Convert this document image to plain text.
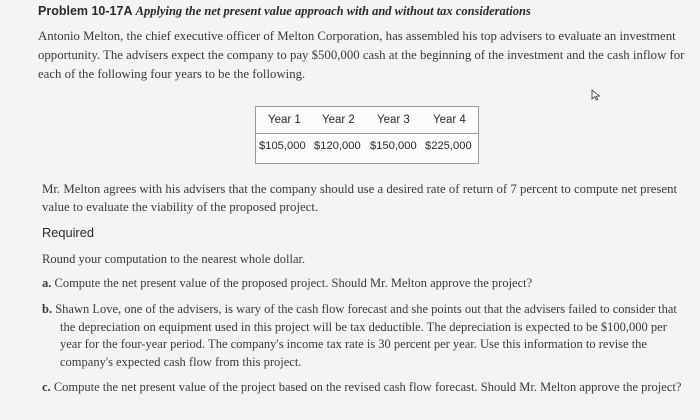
Problem 10-17A Applying the net present value approach with and without tax considerations
Antonio Melton, the chief executive officer of Melton Corporation, has assembled his top advisers to evaluate an investment opportunity. The advisers expect the company to pay $500,000 cash at the beginning of the investment and the cash inflow for each of the following four years to be the following.
Year 1 Year 2 Year 3 Year 4
$105,000 $120,000 $150,000 $225,000
Mr. Melton agrees with his advisers that the company should use a desired rate of return of 7 percent to compute net present value to evaluate the viability of the proposed project.
Required
Round your computation to the nearest whole dollar.
a. Compute the net present value of the proposed project. Should Mr. Melton approve the project?
b. Shawn Love, one of the advisers, is wary of the cash flow forecast and she points out that the advisers failed to consider that the depreciation on equipment used in this project will be tax deductible. The depreciation is expected to be $100,000 per year for the four-year period. The company's income tax rate is 30 percent per year. Use this information to revise the company's expected cash flow from this project.
c. Compute the net present value of the project based on the revised cash flow forecast. Should Mr. Melton approve the project?
